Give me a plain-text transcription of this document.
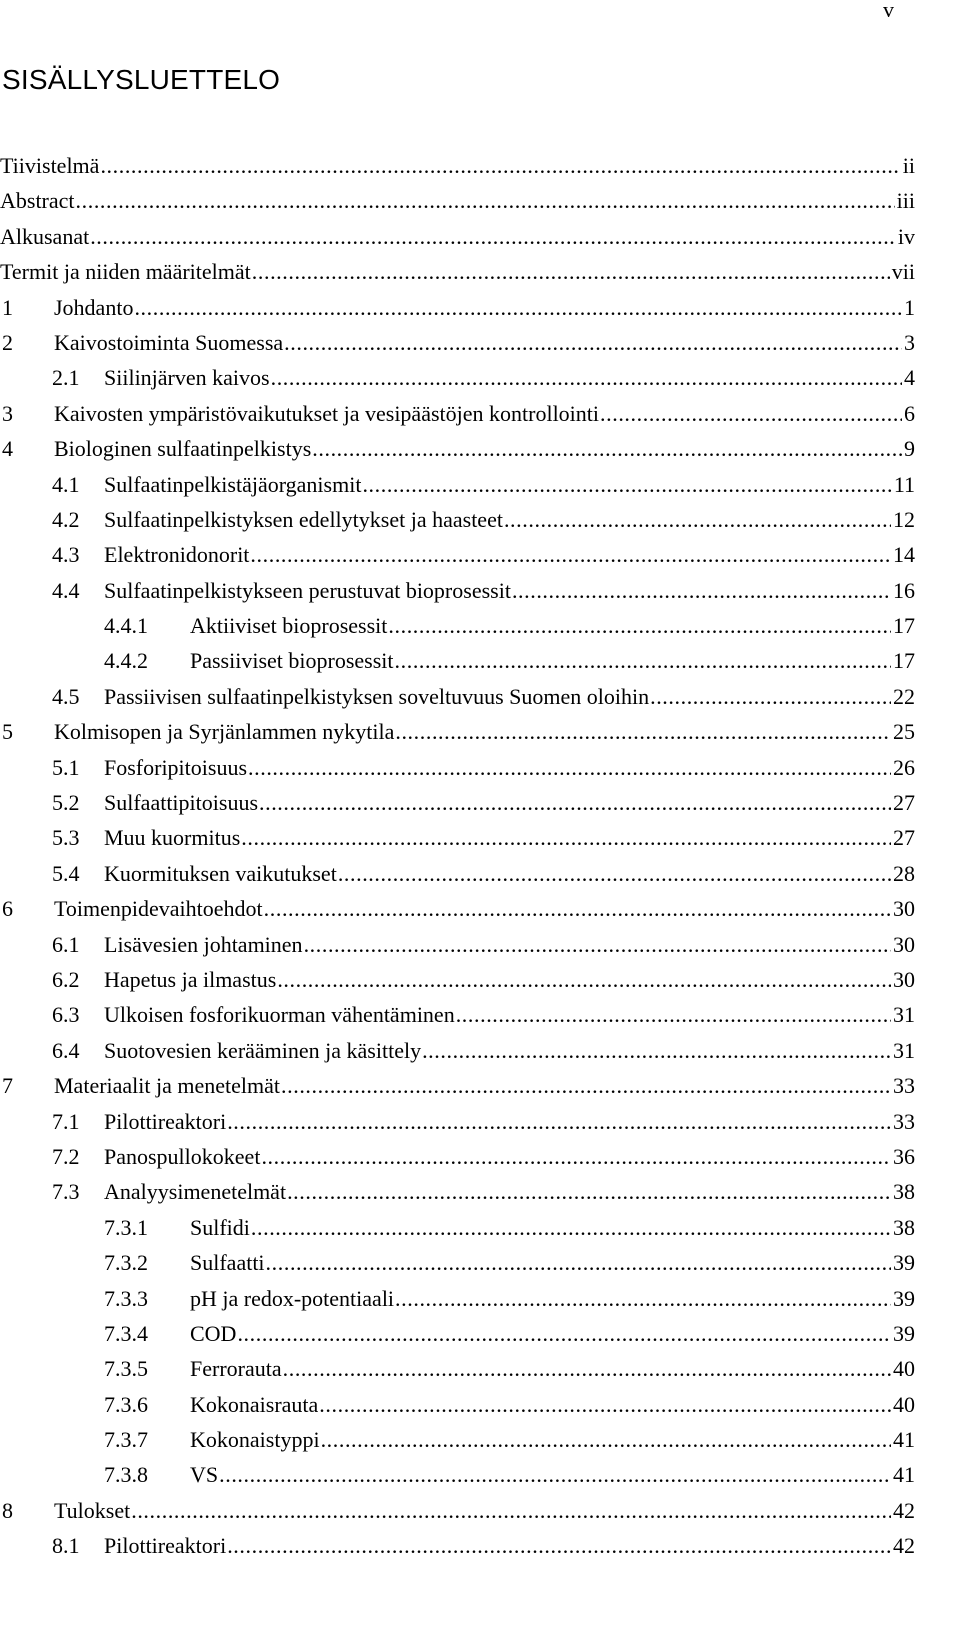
v
SISÄLLYSLUETTELO
Tiivistelmä .....	ii
Abstract .....	iii
Alkusanat .....	iv
Termit ja niiden määritelmät .....	vii
1	Johdanto .....	1
2	Kaivostoiminta Suomessa .....	3
2.1	Siilinjärven kaivos .....	4
3	Kaivosten ympäristövaikutukset ja vesipäästöjen kontrollointi .....	6
4	Biologinen sulfaatinpelkistys .....	9
4.1	Sulfaatinpelkistäjäorganismit .....	11
4.2	Sulfaatinpelkistyksen edellytykset ja haasteet .....	12
4.3	Elektronidonorit .....	14
4.4	Sulfaatinpelkistykseen perustuvat bioprosessit .....	16
4.4.1	Aktiiviset bioprosessit .....	17
4.4.2	Passiiviset bioprosessit .....	17
4.5	Passiivisen sulfaatinpelkistyksen soveltuvuus Suomen oloihin .....	22
5	Kolmisopen ja Syrjänlammen nykytila .....	25
5.1	Fosforipitoisuus .....	26
5.2	Sulfaattipitoisuus .....	27
5.3	Muu kuormitus .....	27
5.4	Kuormituksen vaikutukset .....	28
6	Toimenpidevaihtoehdot .....	30
6.1	Lisävesien johtaminen .....	30
6.2	Hapetus ja ilmastus .....	30
6.3	Ulkoisen fosforikuorman vähentäminen .....	31
6.4	Suotovesien kerääminen ja käsittely .....	31
7	Materiaalit ja menetelmät .....	33
7.1	Pilottireaktori .....	33
7.2	Panospullokokeet .....	36
7.3	Analyysimenetelmät .....	38
7.3.1	Sulfidi .....	38
7.3.2	Sulfaatti .....	39
7.3.3	pH ja redox-potentiaali .....	39
7.3.4	COD .....	39
7.3.5	Ferrorauta .....	40
7.3.6	Kokonaisrauta .....	40
7.3.7	Kokonaistyppi .....	41
7.3.8	VS .....	41
8	Tulokset .....	42
8.1	Pilottireaktori .....	42
